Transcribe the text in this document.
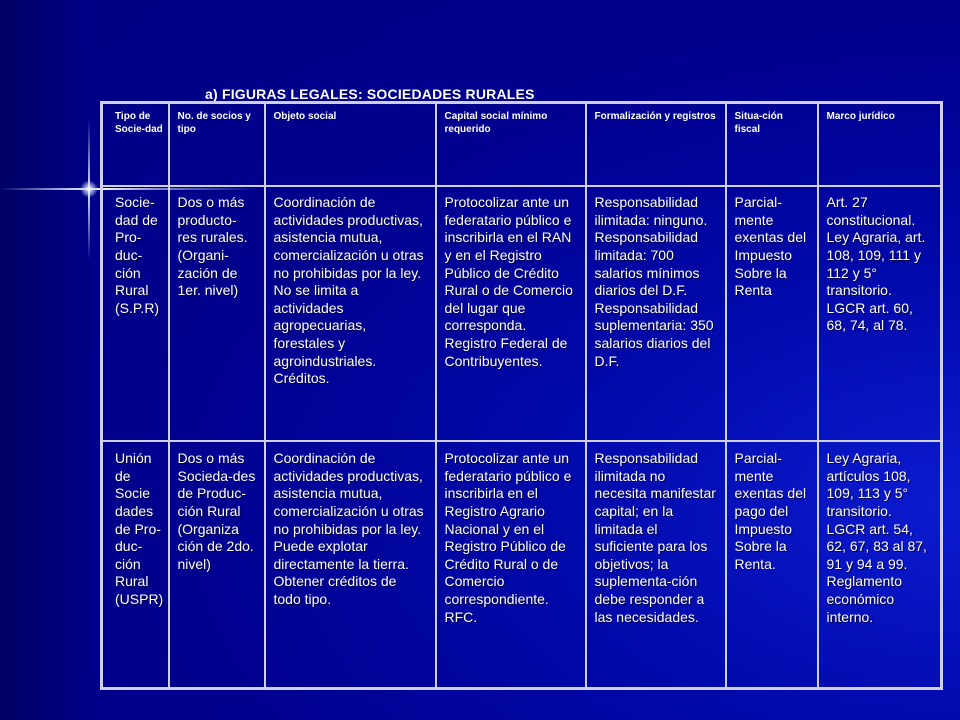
a) FIGURAS LEGALES: SOCIEDADES RURALES
Tipo de Socie-dad	No. de socios y tipo	Objeto social	Capital social mínimo requerido	Formalización y registros	Situa-ción fiscal	Marco jurídico
Socie-dad de Pro-duc-ción Rural (S.P.R)	Dos o más producto-res rurales. (Organi-zación de 1er. nivel)	Coordinación de actividades productivas, asistencia mutua, comercialización u otras no prohibidas por la ley. No se limita a actividades agropecuarias, forestales y agroindustriales. Créditos.	Protocolizar ante un federatario público e inscribirla en el RAN y en el Registro Público de Crédito Rural o de Comercio del lugar que corresponda. Registro Federal de Contribuyentes.	Responsabilidad ilimitada: ninguno. Responsabilidad limitada: 700 salarios mínimos diarios del D.F. Responsabilidad suplementaria: 350 salarios diarios del D.F.	Parcial-mente exentas del Impuesto Sobre la Renta	Art. 27 constitucional. Ley Agraria, art. 108, 109, 111 y 112 y 5° transitorio. LGCR art. 60, 68, 74, al 78.
Unión de Socie dades de Pro-duc-ción Rural (USPR)	Dos o más Socieda-des de Produc-ción Rural (Organiza ción de 2do. nivel)	Coordinación de actividades productivas, asistencia mutua, comercialización u otras no prohibidas por la ley. Puede explotar directamente la tierra. Obtener créditos de todo tipo.	Protocolizar ante un federatario público e inscribirla en el Registro Agrario Nacional y en el Registro Público de Crédito Rural o de Comercio correspondiente. RFC.	Responsabilidad ilimitada no necesita manifestar capital; en la limitada el suficiente para los objetivos; la suplementa-ción debe responder a las necesidades.	Parcial-mente exentas del pago del Impuesto Sobre la Renta.	Ley Agraria, artículos 108, 109, 113 y 5° transitorio. LGCR art. 54, 62, 67, 83 al 87, 91 y 94 a 99. Reglamento económico interno.
